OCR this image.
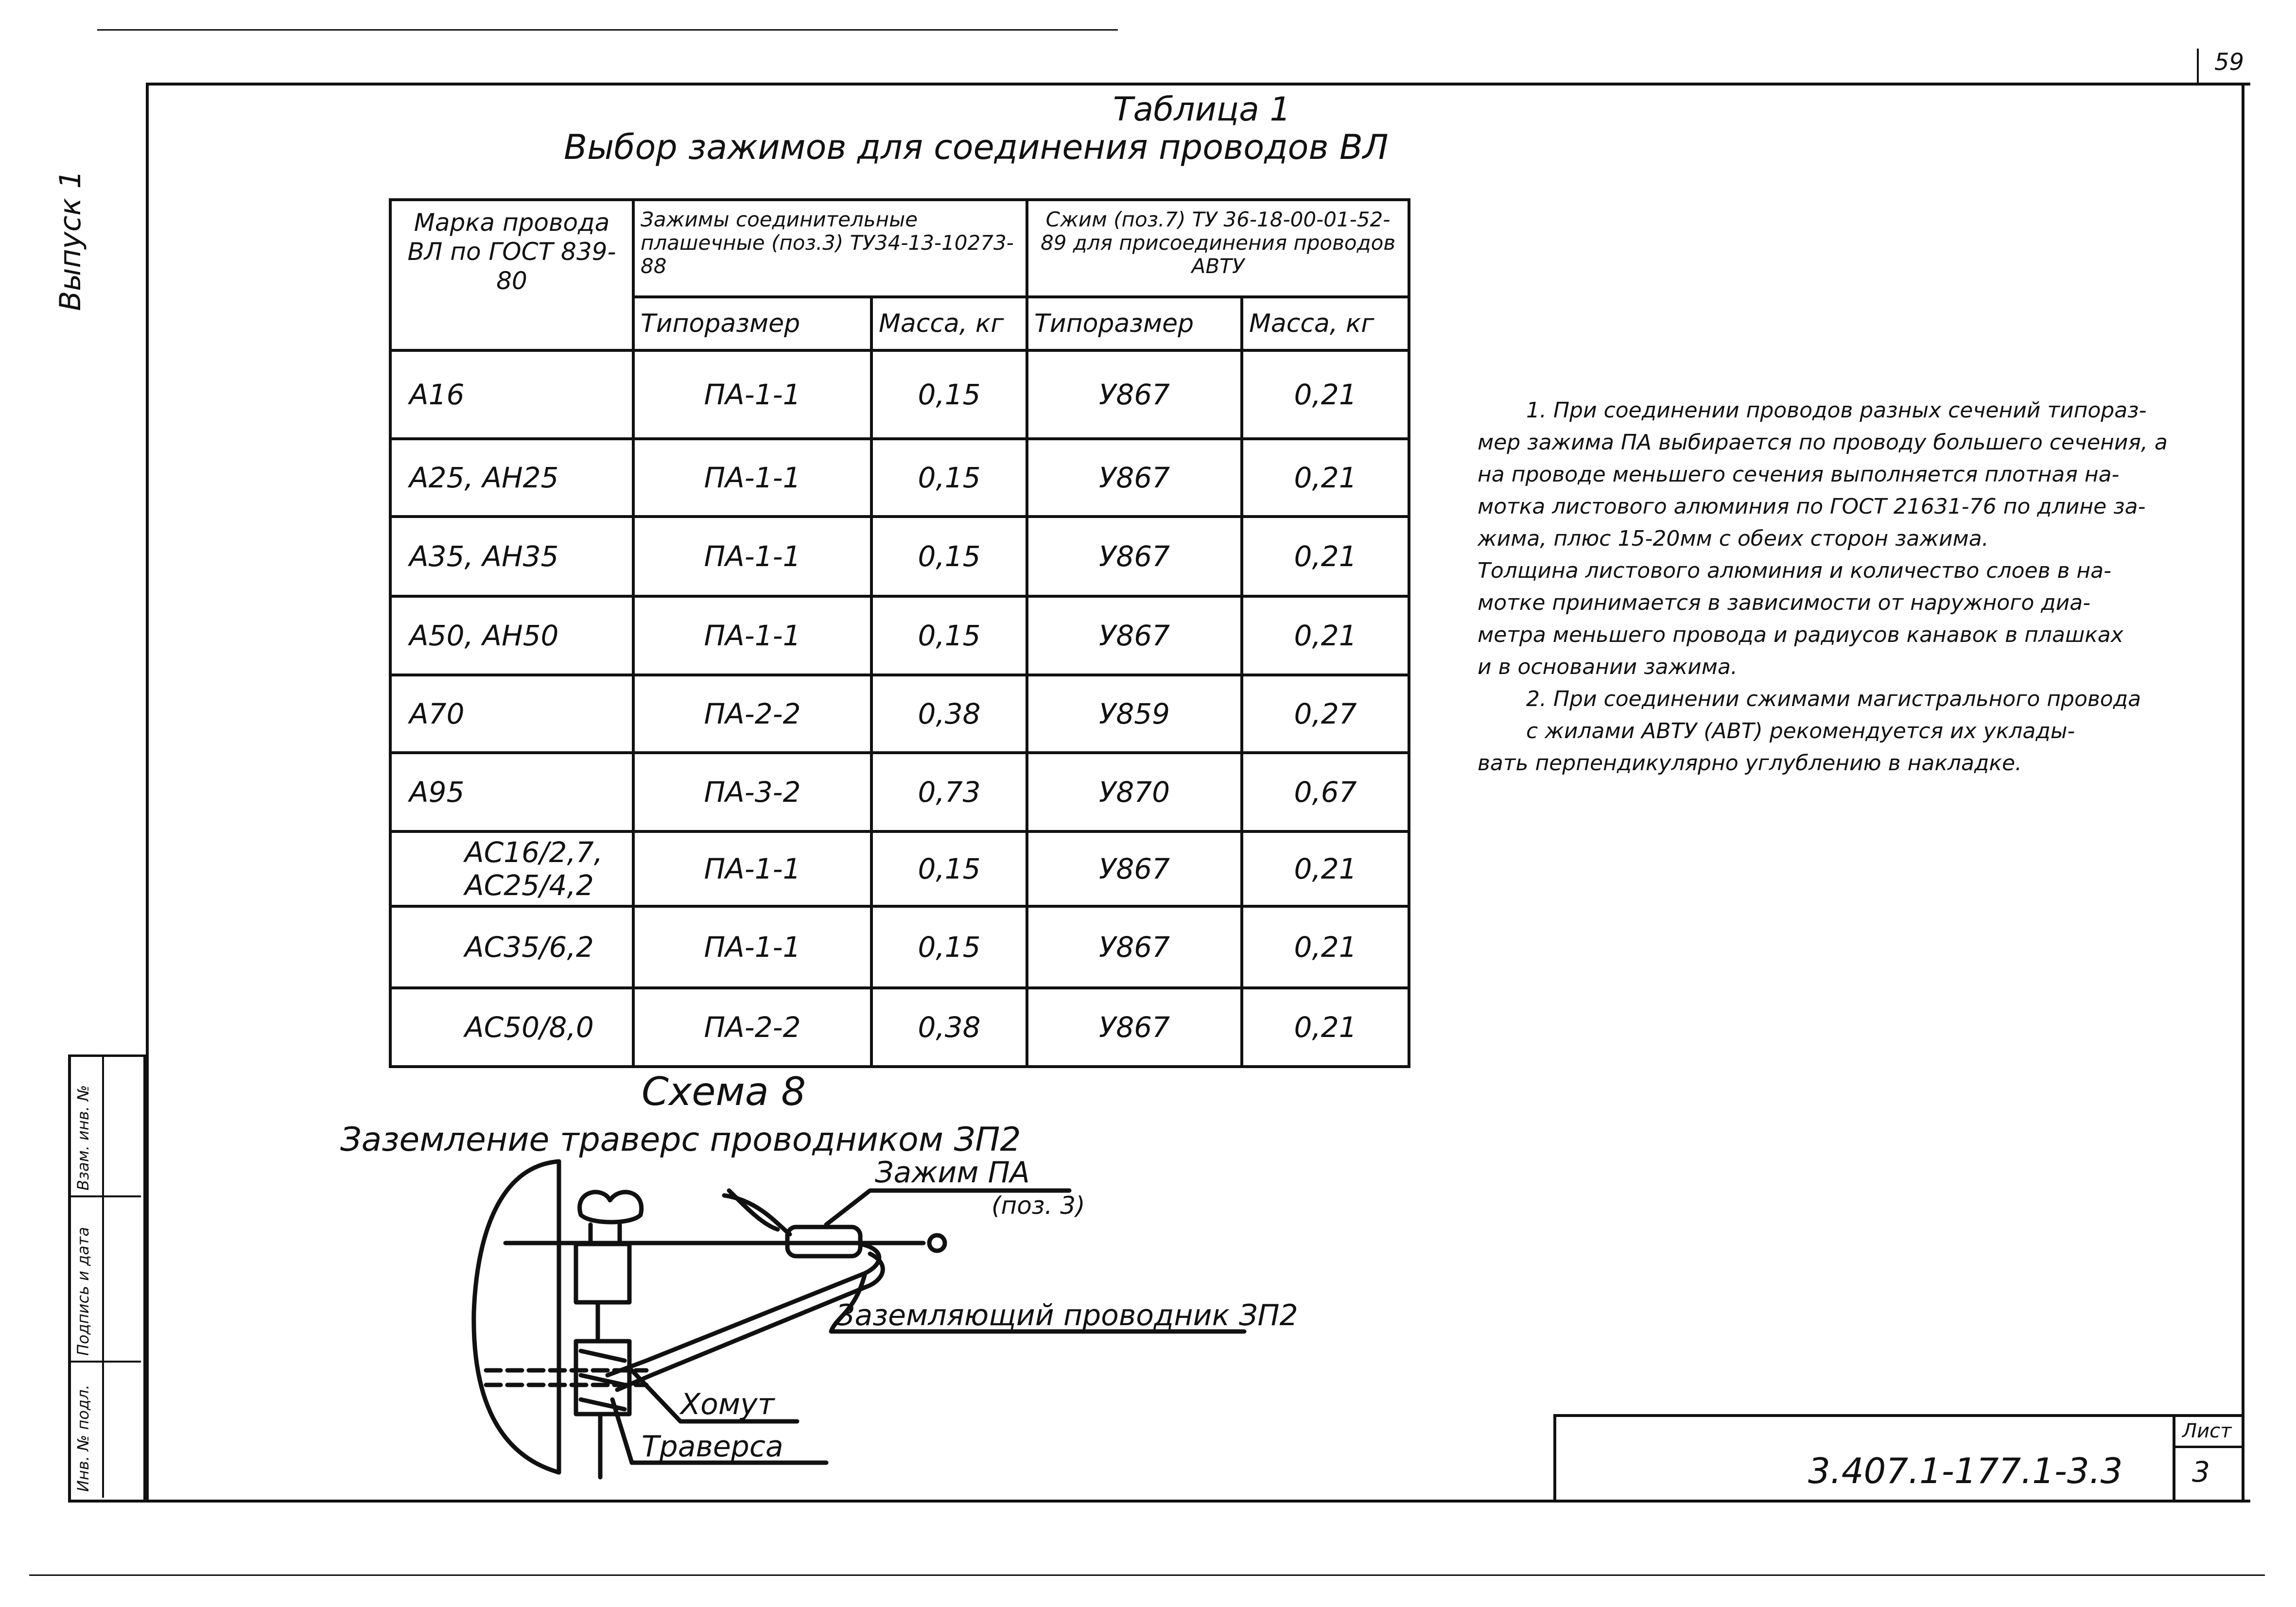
59
Выпуск 1
Инв. № подл.
Подпись и дата
Взам. инв. №
Таблица 1
Выбор зажимов для соединения проводов ВЛ
Марка провода ВЛ по ГОСТ 839-80	Зажимы соединительные плашечные (поз.3) ТУ34-13-10273-88		Сжим (поз.7) ТУ 36-18-00-01-52-89 для присоединения проводов АВТУ	
	Типоразмер	Масса, кг	Типоразмер	Масса, кг
А16	ПА-1-1	0,15	У867	0,21
А25, АН25	ПА-1-1	0,15	У867	0,21
А35, АН35	ПА-1-1	0,15	У867	0,21
А50, АН50	ПА-1-1	0,15	У867	0,21
А70	ПА-2-2	0,38	У859	0,27
А95	ПА-3-2	0,73	У870	0,67
АС16/2,7, АС25/4,2	ПА-1-1	0,15	У867	0,21
АС35/6,2	ПА-1-1	0,15	У867	0,21
АС50/8,0	ПА-2-2	0,38	У867	0,21
1. При соединении проводов разных сечений типораз-
мер зажима ПА выбирается по проводу большего сечения, а
на проводе меньшего сечения выполняется плотная на-
мотка листового алюминия по ГОСТ 21631-76 по длине за-
жима, плюс 15-20мм с обеих сторон зажима.
Толщина листового алюминия и количество слоев в на-
мотке принимается в зависимости от наружного диа-
метра меньшего провода и радиусов канавок в плашках
и в основании зажима.
2. При соединении сжимами магистрального провода
с жилами АВТУ (АВТ) рекомендуется их уклады-
вать перпендикулярно углублению в накладке.
Схема 8
Заземление траверс проводником ЗП2
Зажим ПА
(поз. 3)
Заземляющий проводник ЗП2
Хомут
Траверса
3.407.1-177.1-3.3
Лист
3
